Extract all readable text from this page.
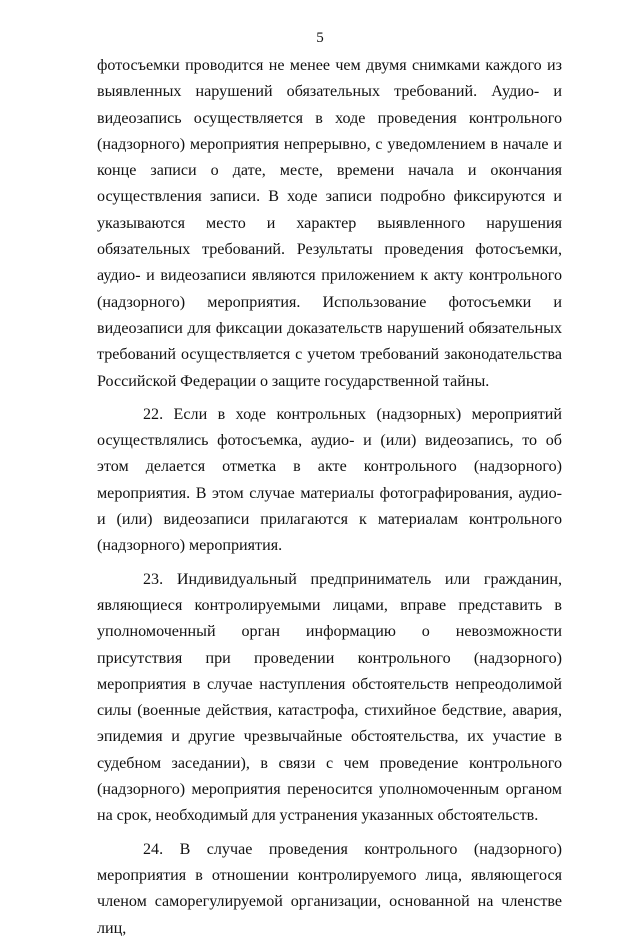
5

фотосъемки проводится не менее чем двумя снимками каждого из выявленных нарушений обязательных требований. Аудио- и видеозапись осуществляется в ходе проведения контрольного (надзорного) мероприятия непрерывно, с уведомлением в начале и конце записи о дате, месте, времени начала и окончания осуществления записи. В ходе записи подробно фиксируются и указываются место и характер выявленного нарушения обязательных требований. Результаты проведения фотосъемки, аудио- и видеозаписи являются приложением к акту контрольного (надзорного) мероприятия. Использование фотосъемки и видеозаписи для фиксации доказательств нарушений обязательных требований осуществляется с учетом требований законодательства Российской Федерации о защите государственной тайны.

22. Если в ходе контрольных (надзорных) мероприятий осуществлялись фотосъемка, аудио- и (или) видеозапись, то об этом делается отметка в акте контрольного (надзорного) мероприятия. В этом случае материалы фотографирования, аудио- и (или) видеозаписи прилагаются к материалам контрольного (надзорного) мероприятия.

23. Индивидуальный предприниматель или гражданин, являющиеся контролируемыми лицами, вправе представить в уполномоченный орган информацию о невозможности присутствия при проведении контрольного (надзорного) мероприятия в случае наступления обстоятельств непреодолимой силы (военные действия, катастрофа, стихийное бедствие, авария, эпидемия и другие чрезвычайные обстоятельства, их участие в судебном заседании), в связи с чем проведение контрольного (надзорного) мероприятия переносится уполномоченным органом на срок, необходимый для устранения указанных обстоятельств.

24. В случае проведения контрольного (надзорного) мероприятия в отношении контролируемого лица, являющегося членом саморегулируемой организации, основанной на членстве лиц,
